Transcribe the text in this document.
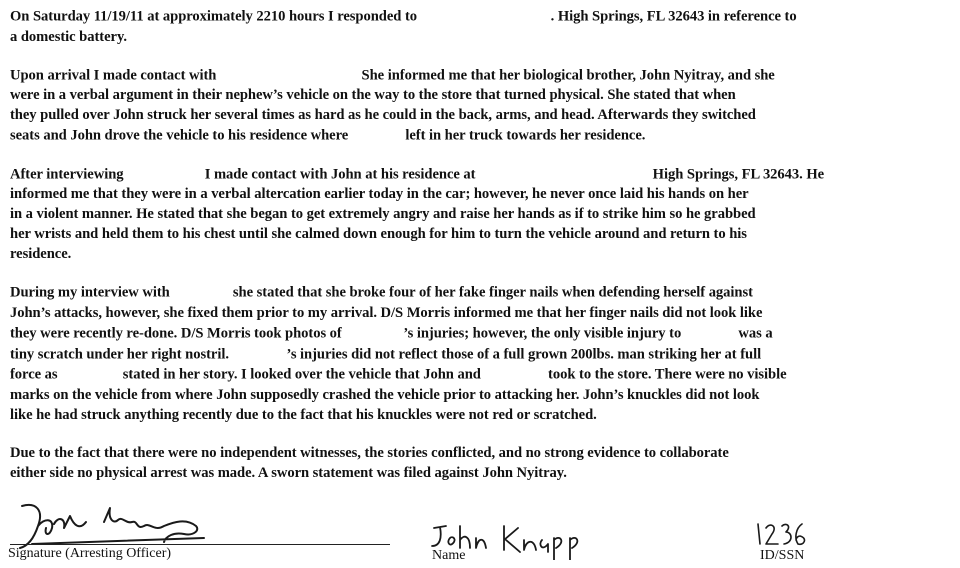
On Saturday 11/19/11 at approximately 2210 hours I responded to	. High Springs, FL 32643 in reference to
a domestic battery.
Upon arrival I made contact with	She informed me that her biological brother, John Nyitray, and she
were in a verbal argument in their nephew’s vehicle on the way to the store that turned physical. She stated that when
they pulled over John struck her several times as hard as he could in the back, arms, and head. Afterwards they switched
seats and John drove the vehicle to his residence where	left in her truck towards her residence.
After interviewing	I made contact with John at his residence at	High Springs, FL 32643. He
informed me that they were in a verbal altercation earlier today in the car; however, he never once laid his hands on her
in a violent manner. He stated that she began to get extremely angry and raise her hands as if to strike him so he grabbed
her wrists and held them to his chest until she calmed down enough for him to turn the vehicle around and return to his
residence.
During my interview with	she stated that she broke four of her fake finger nails when defending herself against
John’s attacks, however, she fixed them prior to my arrival. D/S Morris informed me that her finger nails did not look like
they were recently re-done. D/S Morris took photos of	’s injuries; however, the only visible injury to	was a
tiny scratch under her right nostril.	’s injuries did not reflect those of a full grown 200lbs. man striking her at full
force as	stated in her story. I looked over the vehicle that John and	took to the store. There were no visible
marks on the vehicle from where John supposedly crashed the vehicle prior to attacking her. John’s knuckles did not look
like he had struck anything recently due to the fact that his knuckles were not red or scratched.
Due to the fact that there were no independent witnesses, the stories conflicted, and no strong evidence to collaborate
either side no physical arrest was made. A sworn statement was filed against John Nyitray.
Signature (Arresting Officer)	Name	ID/SSN
